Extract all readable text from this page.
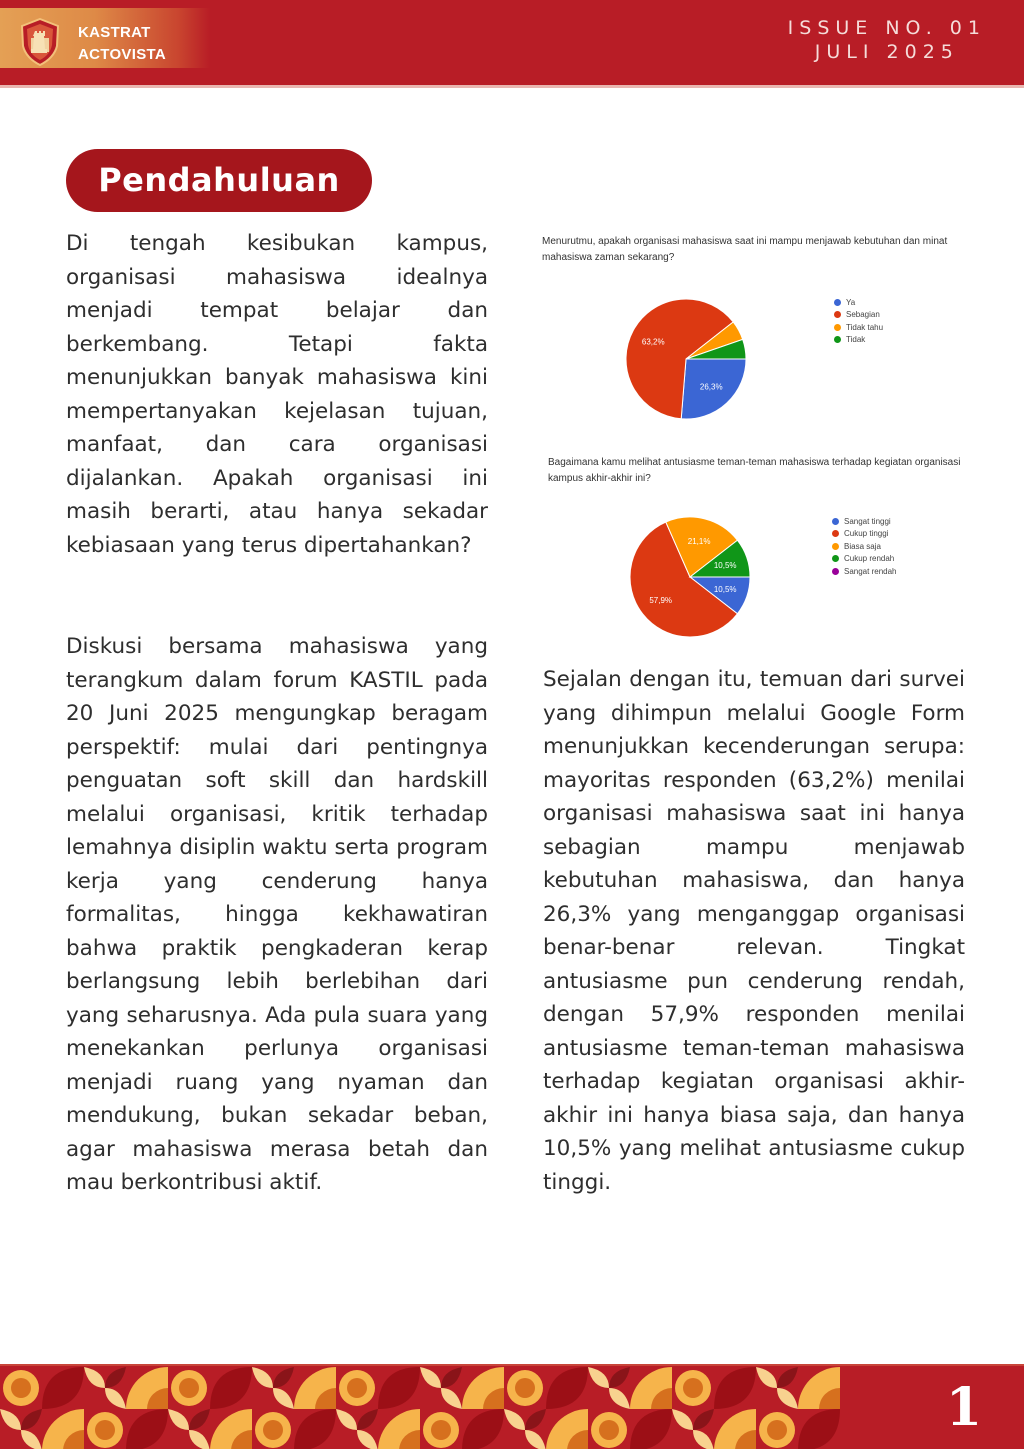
KASTRAT
ACTOVISTA
ISSUE NO. 01
JULI 2025
Pendahuluan

Di tengah kesibukan kampus, organisasi mahasiswa idealnya menjadi tempat belajar dan berkembang. Tetapi fakta menunjukkan banyak mahasiswa kini mempertanyakan kejelasan tujuan, manfaat, dan cara organisasi dijalankan. Apakah organisasi ini masih berarti, atau hanya sekadar kebiasaan yang terus dipertahankan?

Diskusi bersama mahasiswa yang terangkum dalam forum KASTIL pada 20 Juni 2025 mengungkap beragam perspektif: mulai dari pentingnya penguatan soft skill dan hardskill melalui organisasi, kritik terhadap lemahnya disiplin waktu serta program kerja yang cenderung hanya formalitas, hingga kekhawatiran bahwa praktik pengkaderan kerap berlangsung lebih berlebihan dari yang seharusnya. Ada pula suara yang menekankan perlunya organisasi menjadi ruang yang nyaman dan mendukung, bukan sekadar beban, agar mahasiswa merasa betah dan mau berkontribusi aktif.

Sejalan dengan itu, temuan dari survei yang dihimpun melalui Google Form menunjukkan kecenderungan serupa: mayoritas responden (63,2%) menilai organisasi mahasiswa saat ini hanya sebagian mampu menjawab kebutuhan mahasiswa, dan hanya 26,3% yang menganggap organisasi benar-benar relevan. Tingkat antusiasme pun cenderung rendah, dengan 57,9% responden menilai antusiasme teman-teman mahasiswa terhadap kegiatan organisasi akhir-akhir ini hanya biasa saja, dan hanya 10,5% yang melihat antusiasme cukup tinggi.

Menurutmu, apakah organisasi mahasiswa saat ini mampu menjawab kebutuhan dan minat mahasiswa zaman sekarang?
26,3%
63,2%
Ya
Sebagian
Tidak tahu
Tidak
Bagaimana kamu melihat antusiasme teman-teman mahasiswa terhadap kegiatan organisasi kampus akhir-akhir ini?
10,5%
57,9%
21,1%
10,5%
Sangat tinggi
Cukup tinggi
Biasa saja
Cukup rendah
Sangat rendah
1
